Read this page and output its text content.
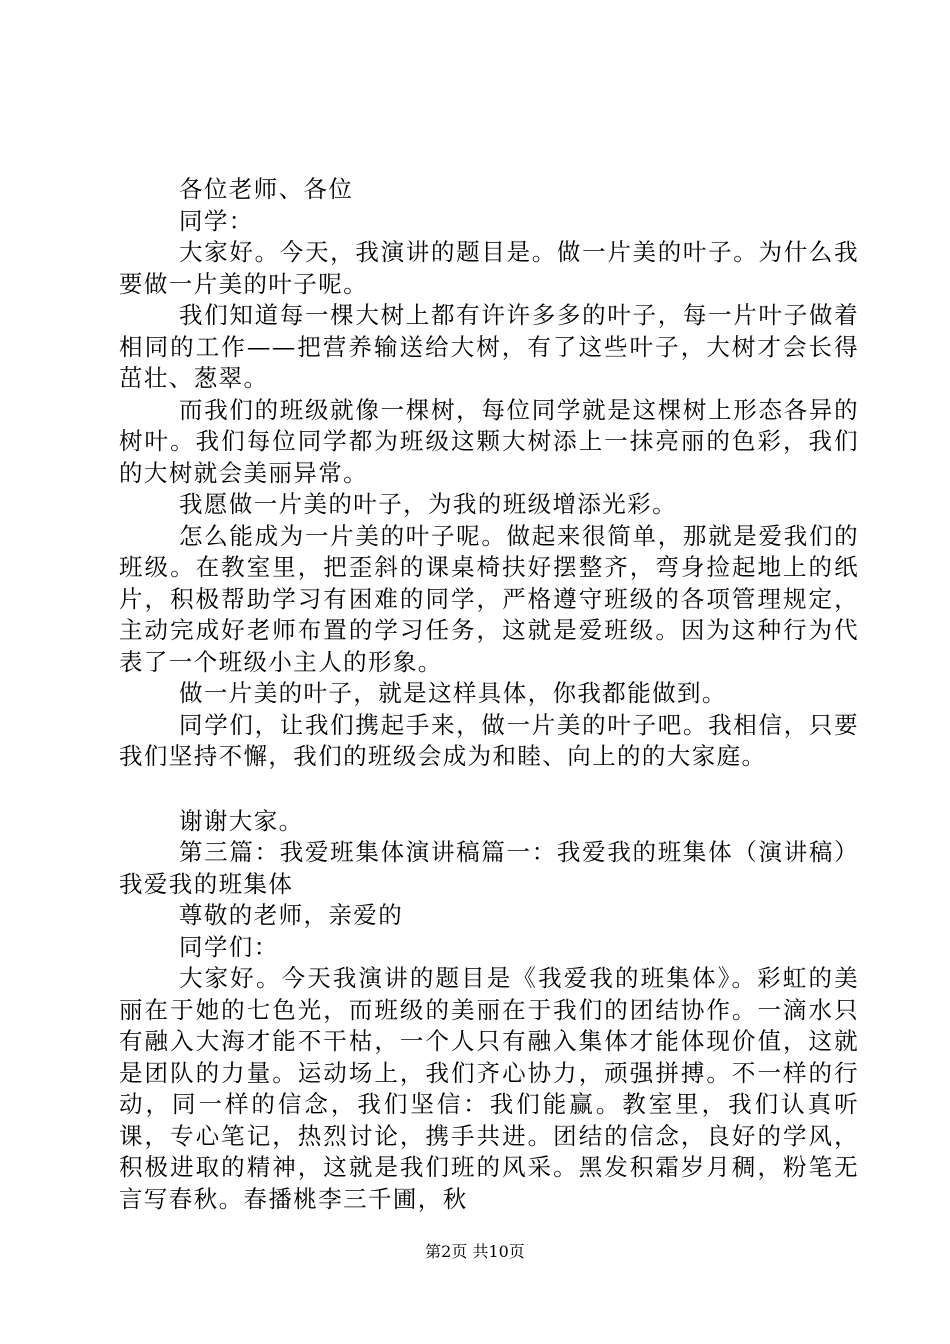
各位老师、各位

同学：

大家好。今天，我演讲的题目是。做一片美的叶子。为什么我要做一片美的叶子呢。

我们知道每一棵大树上都有许许多多的叶子，每一片叶子做着相同的工作——把营养输送给大树，有了这些叶子，大树才会长得茁壮、葱翠。

而我们的班级就像一棵树，每位同学就是这棵树上形态各异的树叶。我们每位同学都为班级这颗大树添上一抹亮丽的色彩，我们的大树就会美丽异常。

我愿做一片美的叶子，为我的班级增添光彩。

怎么能成为一片美的叶子呢。做起来很简单，那就是爱我们的班级。在教室里，把歪斜的课桌椅扶好摆整齐，弯身捡起地上的纸片，积极帮助学习有困难的同学，严格遵守班级的各项管理规定，主动完成好老师布置的学习任务，这就是爱班级。因为这种行为代表了一个班级小主人的形象。

做一片美的叶子，就是这样具体，你我都能做到。

同学们，让我们携起手来，做一片美的叶子吧。我相信，只要我们坚持不懈，我们的班级会成为和睦、向上的的大家庭。

谢谢大家。

第三篇：我爱班集体演讲稿篇一：我爱我的班集体（演讲稿）我爱我的班集体

尊敬的老师，亲爱的

同学们：

大家好。今天我演讲的题目是《我爱我的班集体》。彩虹的美丽在于她的七色光，而班级的美丽在于我们的团结协作。一滴水只有融入大海才能不干枯，一个人只有融入集体才能体现价值，这就是团队的力量。运动场上，我们齐心协力，顽强拼搏。不一样的行动，同一样的信念，我们坚信：我们能赢。教室里，我们认真听课，专心笔记，热烈讨论，携手共进。团结的信念，良好的学风，积极进取的精神，这就是我们班的风采。黑发积霜岁月稠，粉笔无言写春秋。春播桃李三千圃，秋

第2页 共10页
